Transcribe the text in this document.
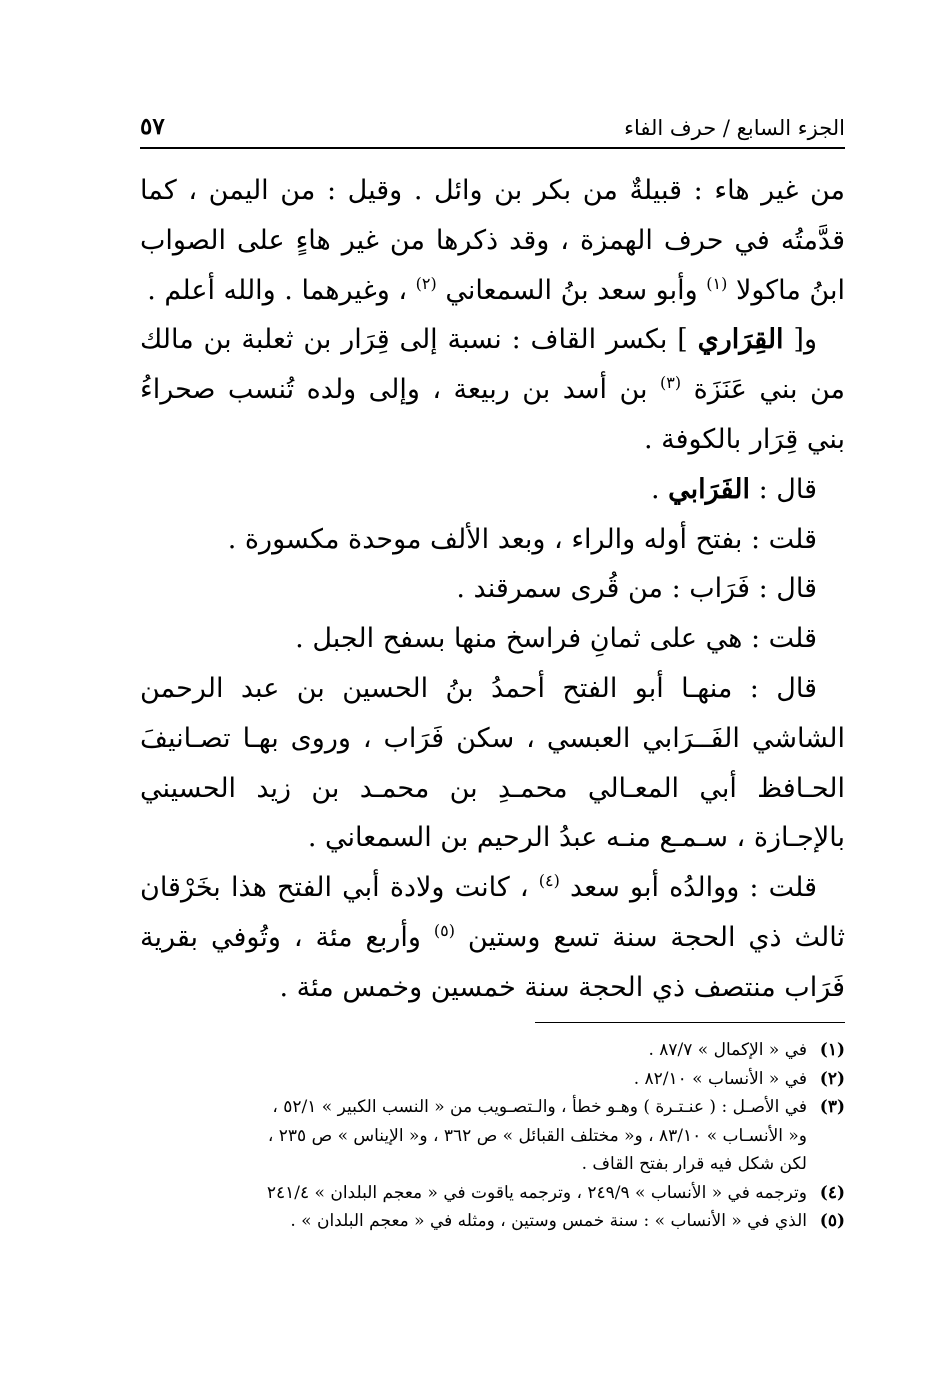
الجزء السابع / حرف الفاء
٥٧

من غير هاء : قبيلةٌ من بكر بن وائل . وقيل : من اليمن ، كما قدَّمتُه في حرف الهمزة ، وقد ذكرها من غير هاءٍ على الصواب ابنُ ماكولا $^{(١)}$ وأبو سعد بنُ السمعاني $^{(٢)}$ ، وغيرهما . والله أعلم .

و[ القِرَاري ] بكسر القاف : نسبة إلى قِرَار بن ثعلبة بن مالك من بني عَنَزَة $^{(٣)}$ بن أسد بن ربيعة ، وإلى ولده تُنسب صحراءُ بني قِرَار بالكوفة .

قال : الفَرَابي .

قلت : بفتح أوله والراء ، وبعد الألف موحدة مكسورة .

قال : فَرَاب : من قُرى سمرقند .

قلت : هي على ثمانِ فراسخ منها بسفح الجبل .

قال : منهـا أبو الفتح أحمدُ بنُ الحسين بن عبد الرحمن الشاشي الفَــرَابي العبسي ، سكن فَرَاب ، وروى بهـا تصـانيفَ الحـافظ أبي المعـالي محمـدِ بن محمـد بن زيد الحسيني بالإجـازة ، سـمـع منـه عبدُ الرحيم بن السمعاني .

قلت : ووالدُه أبو سعد $^{(٤)}$ ، كانت ولادة أبي الفتح هذا بخَرْقان ثالث ذي الحجة سنة تسع وستين $^{(٥)}$ وأربع مئة ، وتُوفي بقرية فَرَاب منتصف ذي الحجة سنة خمسين وخمس مئة .

(١)
في « الإكمال » ٨٧/٧ .
(٢)
في « الأنساب » ٨٢/١٠ .
(٣)
في الأصـل : ( عنـتـرة ) وهـو خطأ ، والـتصـويب من « النسب الكبير » ٥٢/١ ،
و« الأنسـاب » ٨٣/١٠ ، و« مختلف القبائل » ص ٣٦٢ ، و« الإيناس » ص ٢٣٥ ،
لكن شكل فيه قرار بفتح القاف .
(٤)
وترجمه في « الأنساب » ٢٤٩/٩ ، وترجمه ياقوت في « معجم البلدان » ٢٤١/٤
(٥)
الذي في « الأنساب » : سنة خمس وستين ، ومثله في « معجم البلدان » .
